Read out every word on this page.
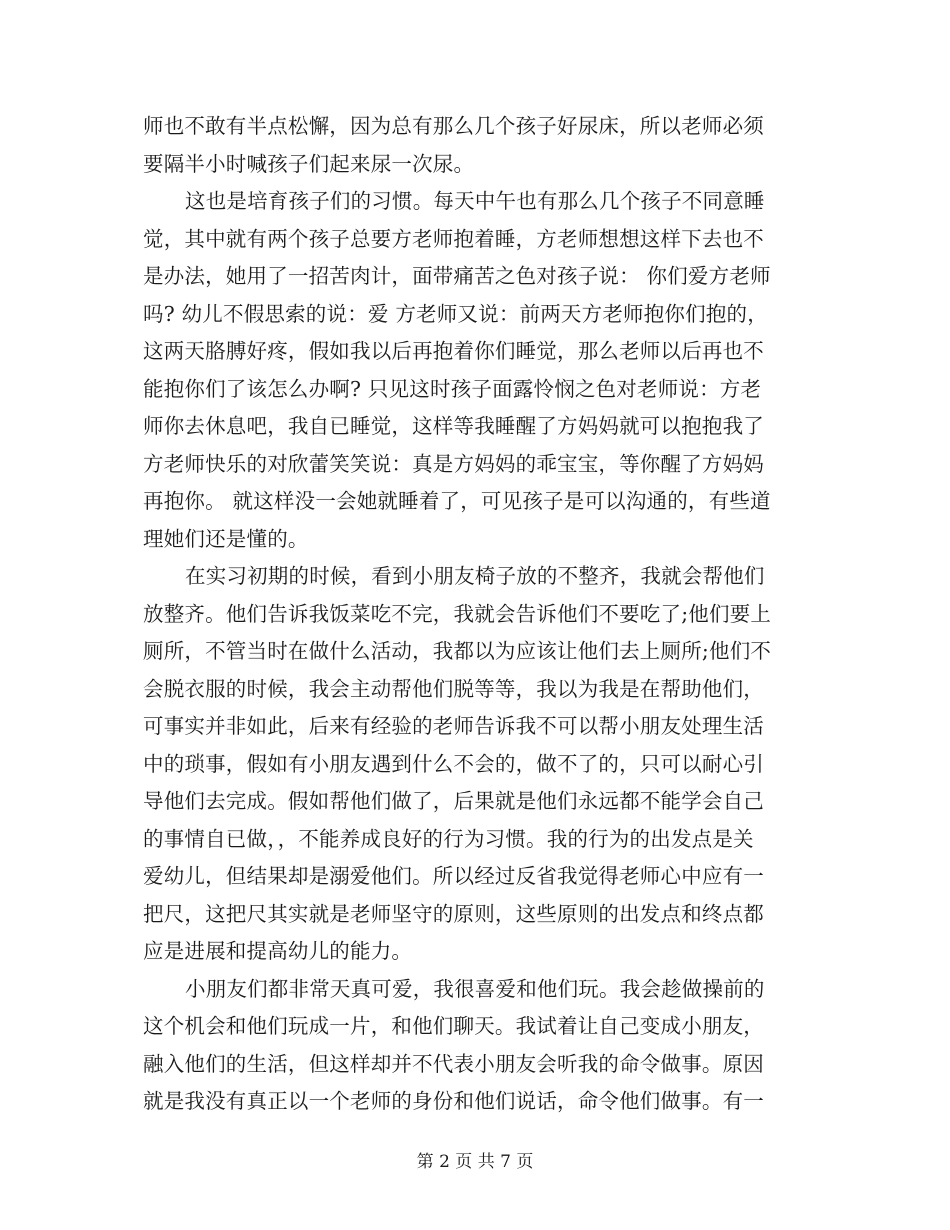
师也不敢有半点松懈，因为总有那么几个孩子好尿床，所以老师必须
要隔半小时喊孩子们起来尿一次尿。
这也是培育孩子们的习惯。每天中午也有那么几个孩子不同意睡
觉，其中就有两个孩子总要方老师抱着睡，方老师想想这样下去也不
是办法，她用了一招苦肉计，面带痛苦之色对孩子说： 你们爱方老师
吗? 幼儿不假思索的说：爱 方老师又说：前两天方老师抱你们抱的，
这两天胳膊好疼，假如我以后再抱着你们睡觉，那么老师以后再也不
能抱你们了该怎么办啊? 只见这时孩子面露怜悯之色对老师说：方老
师你去休息吧，我自已睡觉，这样等我睡醒了方妈妈就可以抱抱我了
方老师快乐的对欣蕾笑笑说：真是方妈妈的乖宝宝，等你醒了方妈妈
再抱你。 就这样没一会她就睡着了，可见孩子是可以沟通的，有些道
理她们还是懂的。
在实习初期的时候，看到小朋友椅子放的不整齐，我就会帮他们
放整齐。他们告诉我饭菜吃不完，我就会告诉他们不要吃了;他们要上
厕所，不管当时在做什么活动，我都以为应该让他们去上厕所;他们不
会脱衣服的时候，我会主动帮他们脱等等，我以为我是在帮助他们，
可事实并非如此，后来有经验的老师告诉我不可以帮小朋友处理生活
中的琐事，假如有小朋友遇到什么不会的，做不了的，只可以耐心引
导他们去完成。假如帮他们做了，后果就是他们永远都不能学会自己
的事情自已做，，不能养成良好的行为习惯。我的行为的出发点是关
爱幼儿，但结果却是溺爱他们。所以经过反省我觉得老师心中应有一
把尺，这把尺其实就是老师坚守的原则，这些原则的出发点和终点都
应是进展和提高幼儿的能力。
小朋友们都非常天真可爱，我很喜爱和他们玩。我会趁做操前的
这个机会和他们玩成一片，和他们聊天。我试着让自己变成小朋友，
融入他们的生活，但这样却并不代表小朋友会听我的命令做事。原因
就是我没有真正以一个老师的身份和他们说话，命令他们做事。有一
第 2 页 共 7 页
